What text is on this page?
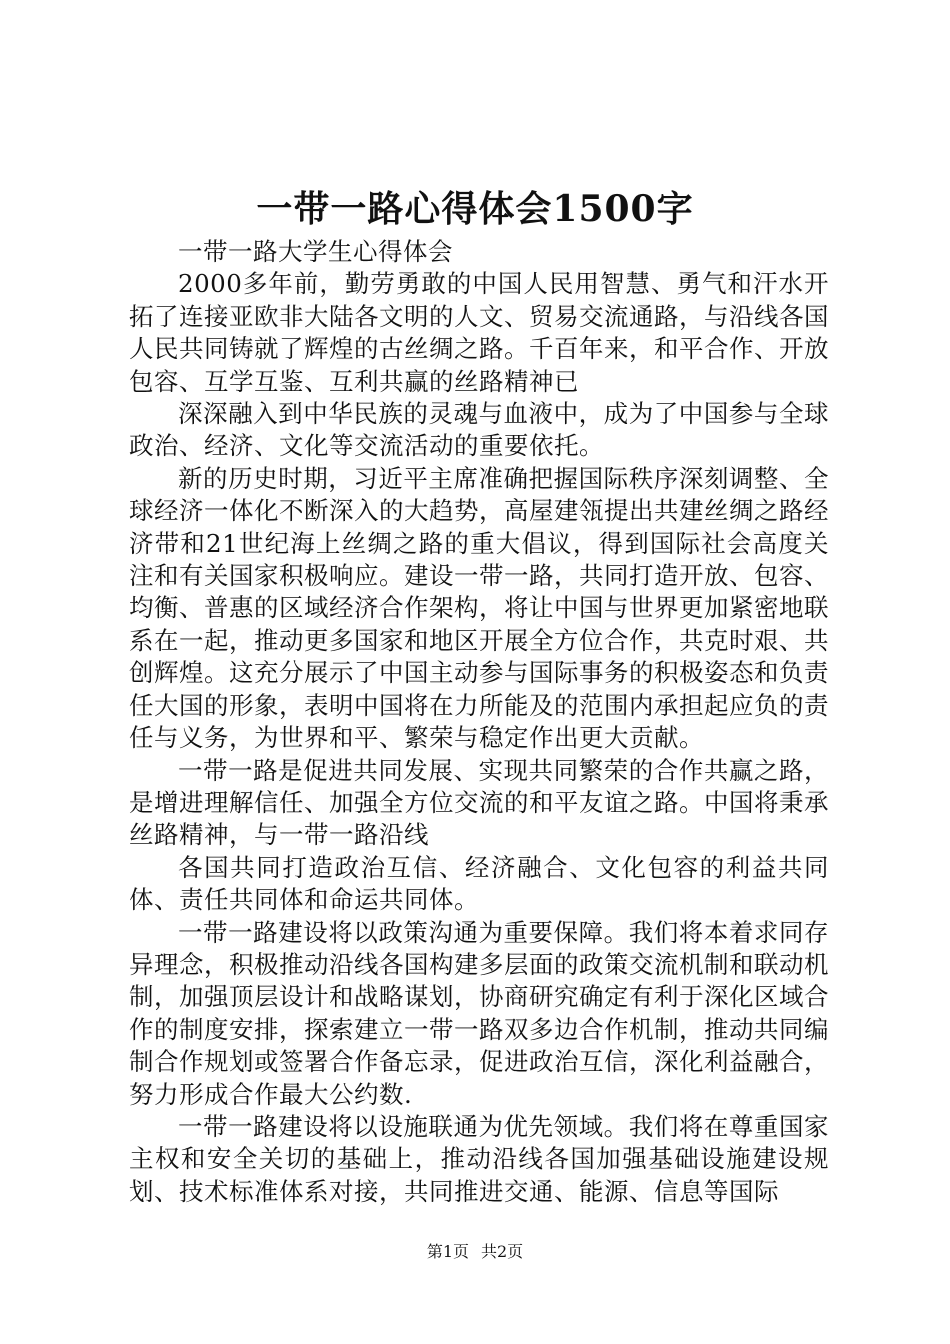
一带一路心得体会1500字

一带一路大学生心得体会

2000多年前，勤劳勇敢的中国人民用智慧、勇气和汗水开拓了连接亚欧非大陆各文明的人文、贸易交流通路，与沿线各国人民共同铸就了辉煌的古丝绸之路。千百年来，和平合作、开放包容、互学互鉴、互利共赢的丝路精神已

深深融入到中华民族的灵魂与血液中，成为了中国参与全球政治、经济、文化等交流活动的重要依托。

新的历史时期，习近平主席准确把握国际秩序深刻调整、全球经济一体化不断深入的大趋势，高屋建瓴提出共建丝绸之路经济带和21世纪海上丝绸之路的重大倡议，得到国际社会高度关注和有关国家积极响应。建设一带一路，共同打造开放、包容、均衡、普惠的区域经济合作架构，将让中国与世界更加紧密地联系在一起，推动更多国家和地区开展全方位合作，共克时艰、共创辉煌。这充分展示了中国主动参与国际事务的积极姿态和负责任大国的形象，表明中国将在力所能及的范围内承担起应负的责任与义务，为世界和平、繁荣与稳定作出更大贡献。

一带一路是促进共同发展、实现共同繁荣的合作共赢之路，是增进理解信任、加强全方位交流的和平友谊之路。中国将秉承丝路精神，与一带一路沿线

各国共同打造政治互信、经济融合、文化包容的利益共同体、责任共同体和命运共同体。

一带一路建设将以政策沟通为重要保障。我们将本着求同存异理念，积极推动沿线各国构建多层面的政策交流机制和联动机制，加强顶层设计和战略谋划，协商研究确定有利于深化区域合作的制度安排，探索建立一带一路双多边合作机制，推动共同编制合作规划或签署合作备忘录，促进政治互信，深化利益融合，努力形成合作最大公约数.

一带一路建设将以设施联通为优先领域。我们将在尊重国家主权和安全关切的基础上，推动沿线各国加强基础设施建设规划、技术标准体系对接，共同推进交通、能源、信息等国际

第1页 共2页
